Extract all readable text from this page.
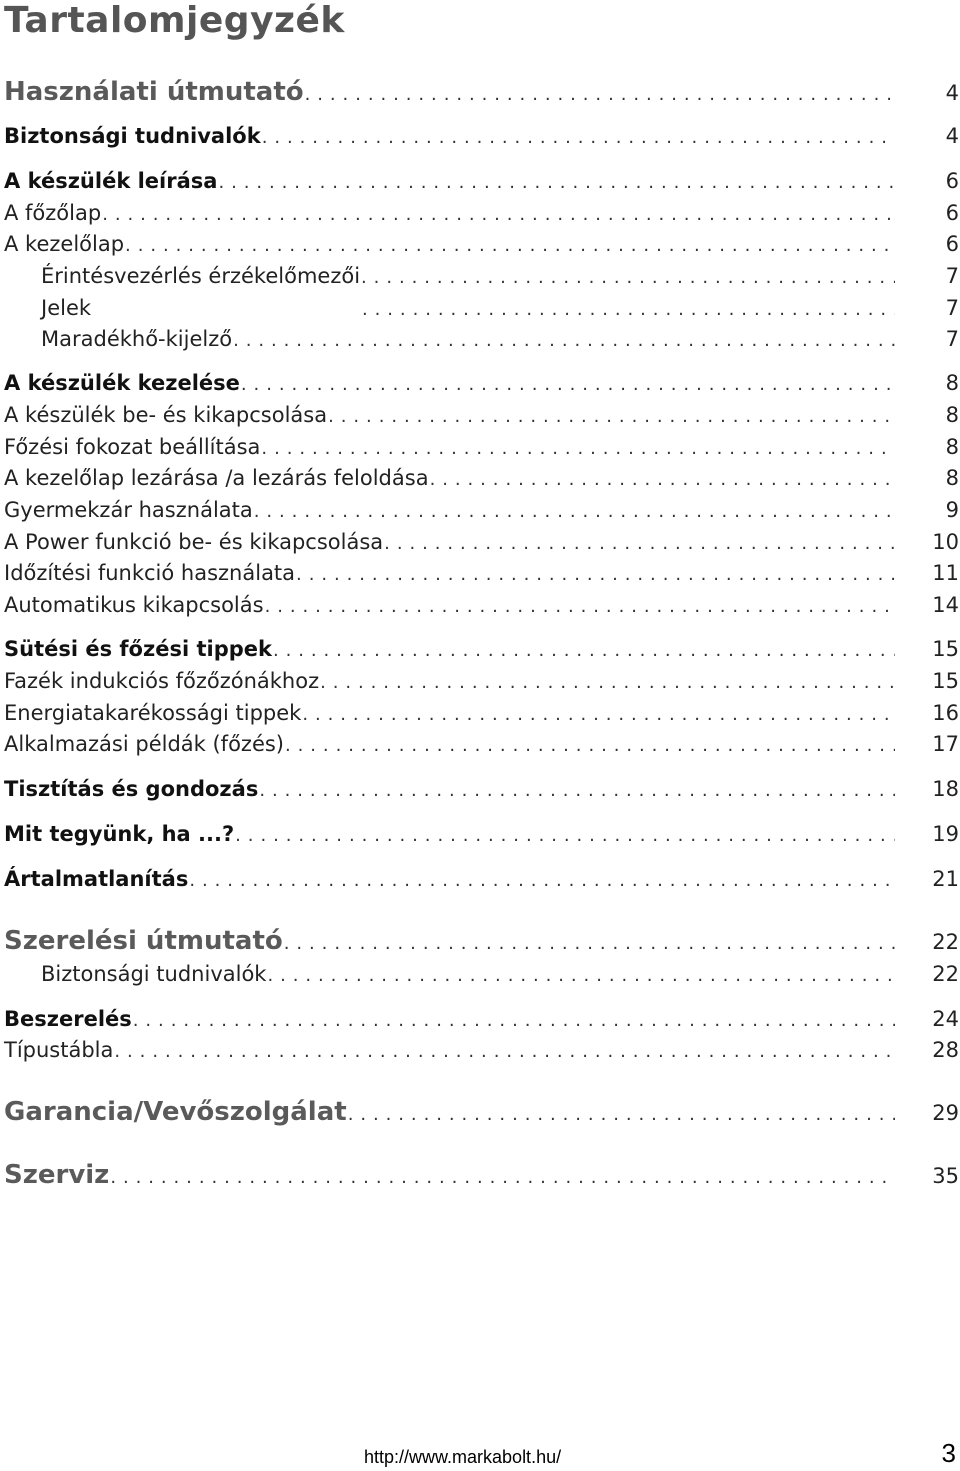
Tartalomjegyzék
Használati útmutató . . .	4
Biztonsági tudnivalók . . .	4
A készülék leírása . . .	6
A főzőlap . . .	6
A kezelőlap . . .	6
Érintésvezérlés érzékelőmezői . . .	7
Jelek . . .	7
Maradékhő-kijelző . . .	7
A készülék kezelése . . .	8
A készülék be- és kikapcsolása . . .	8
Főzési fokozat beállítása . . .	8
A kezelőlap lezárása /a lezárás feloldása . . .	8
Gyermekzár használata . . .	9
A Power funkció be- és kikapcsolása . . .	10
Időzítési funkció használata . . .	11
Automatikus kikapcsolás . . .	14
Sütési és főzési tippek . . .	15
Fazék indukciós főzőzónákhoz . . .	15
Energiatakarékossági tippek . . .	16
Alkalmazási példák (főzés) . . .	17
Tisztítás és gondozás . . .	18
Mit tegyünk, ha ...? . . .	19
Ártalmatlanítás . . .	21
Szerelési útmutató . . .	22
Biztonsági tudnivalók . . .	22
Beszerelés . . .	24
Típustábla . . .	28
Garancia/Vevőszolgálat . . .	29
Szerviz . . .	35
http://www.markabolt.hu/	3
